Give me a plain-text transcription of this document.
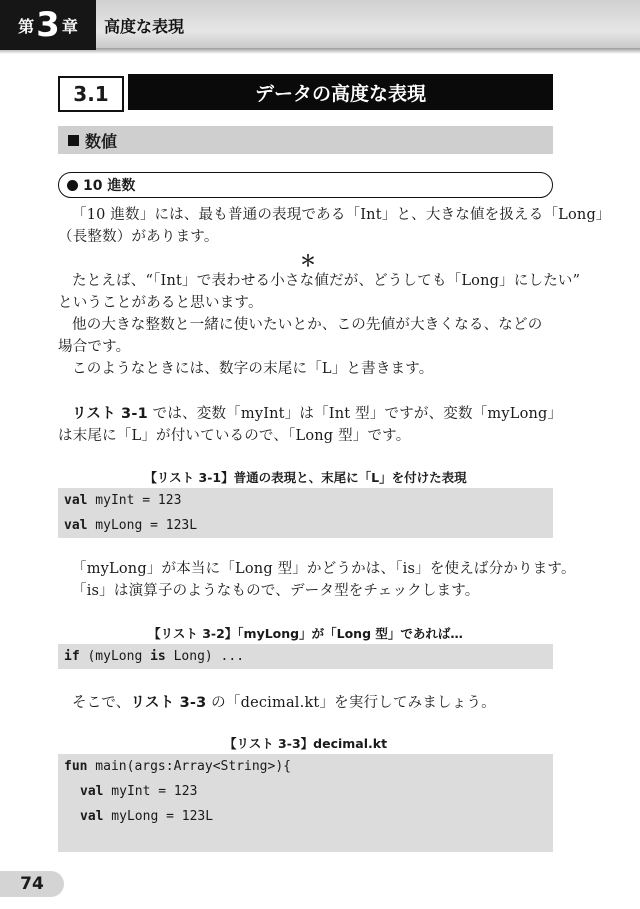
第 3 章 高度な表現
3.1	データの高度な表現
数値
10 進数
「10 進数」には、最も普通の表現である「Int」と、大きな値を扱える「Long」
（長整数）があります。
＊
たとえば、“「Int」で表わせる小さな値だが、どうしても「Long」にしたい”
ということがあると思います。
他の大きな整数と一緒に使いたいとか、この先値が大きくなる、などの
場合です。
このようなときには、数字の末尾に「L」と書きます。
リスト 3-1 では、変数「myInt」は「Int 型」ですが、変数「myLong」
は末尾に「L」が付いているので、「Long 型」です。
【リスト 3-1】普通の表現と、末尾に「L」を付けた表現
val myInt = 123
val myLong = 123L
「myLong」が本当に「Long 型」かどうかは、「is」を使えば分かります。
「is」は演算子のようなもので、データ型をチェックします。
【リスト 3-2】「myLong」が「Long 型」であれば…
if (myLong is Long) ...
そこで、リスト 3-3 の「decimal.kt」を実行してみましょう。
【リスト 3-3】decimal.kt
fun main(args:Array<String>){
val myInt = 123
val myLong = 123L
74
